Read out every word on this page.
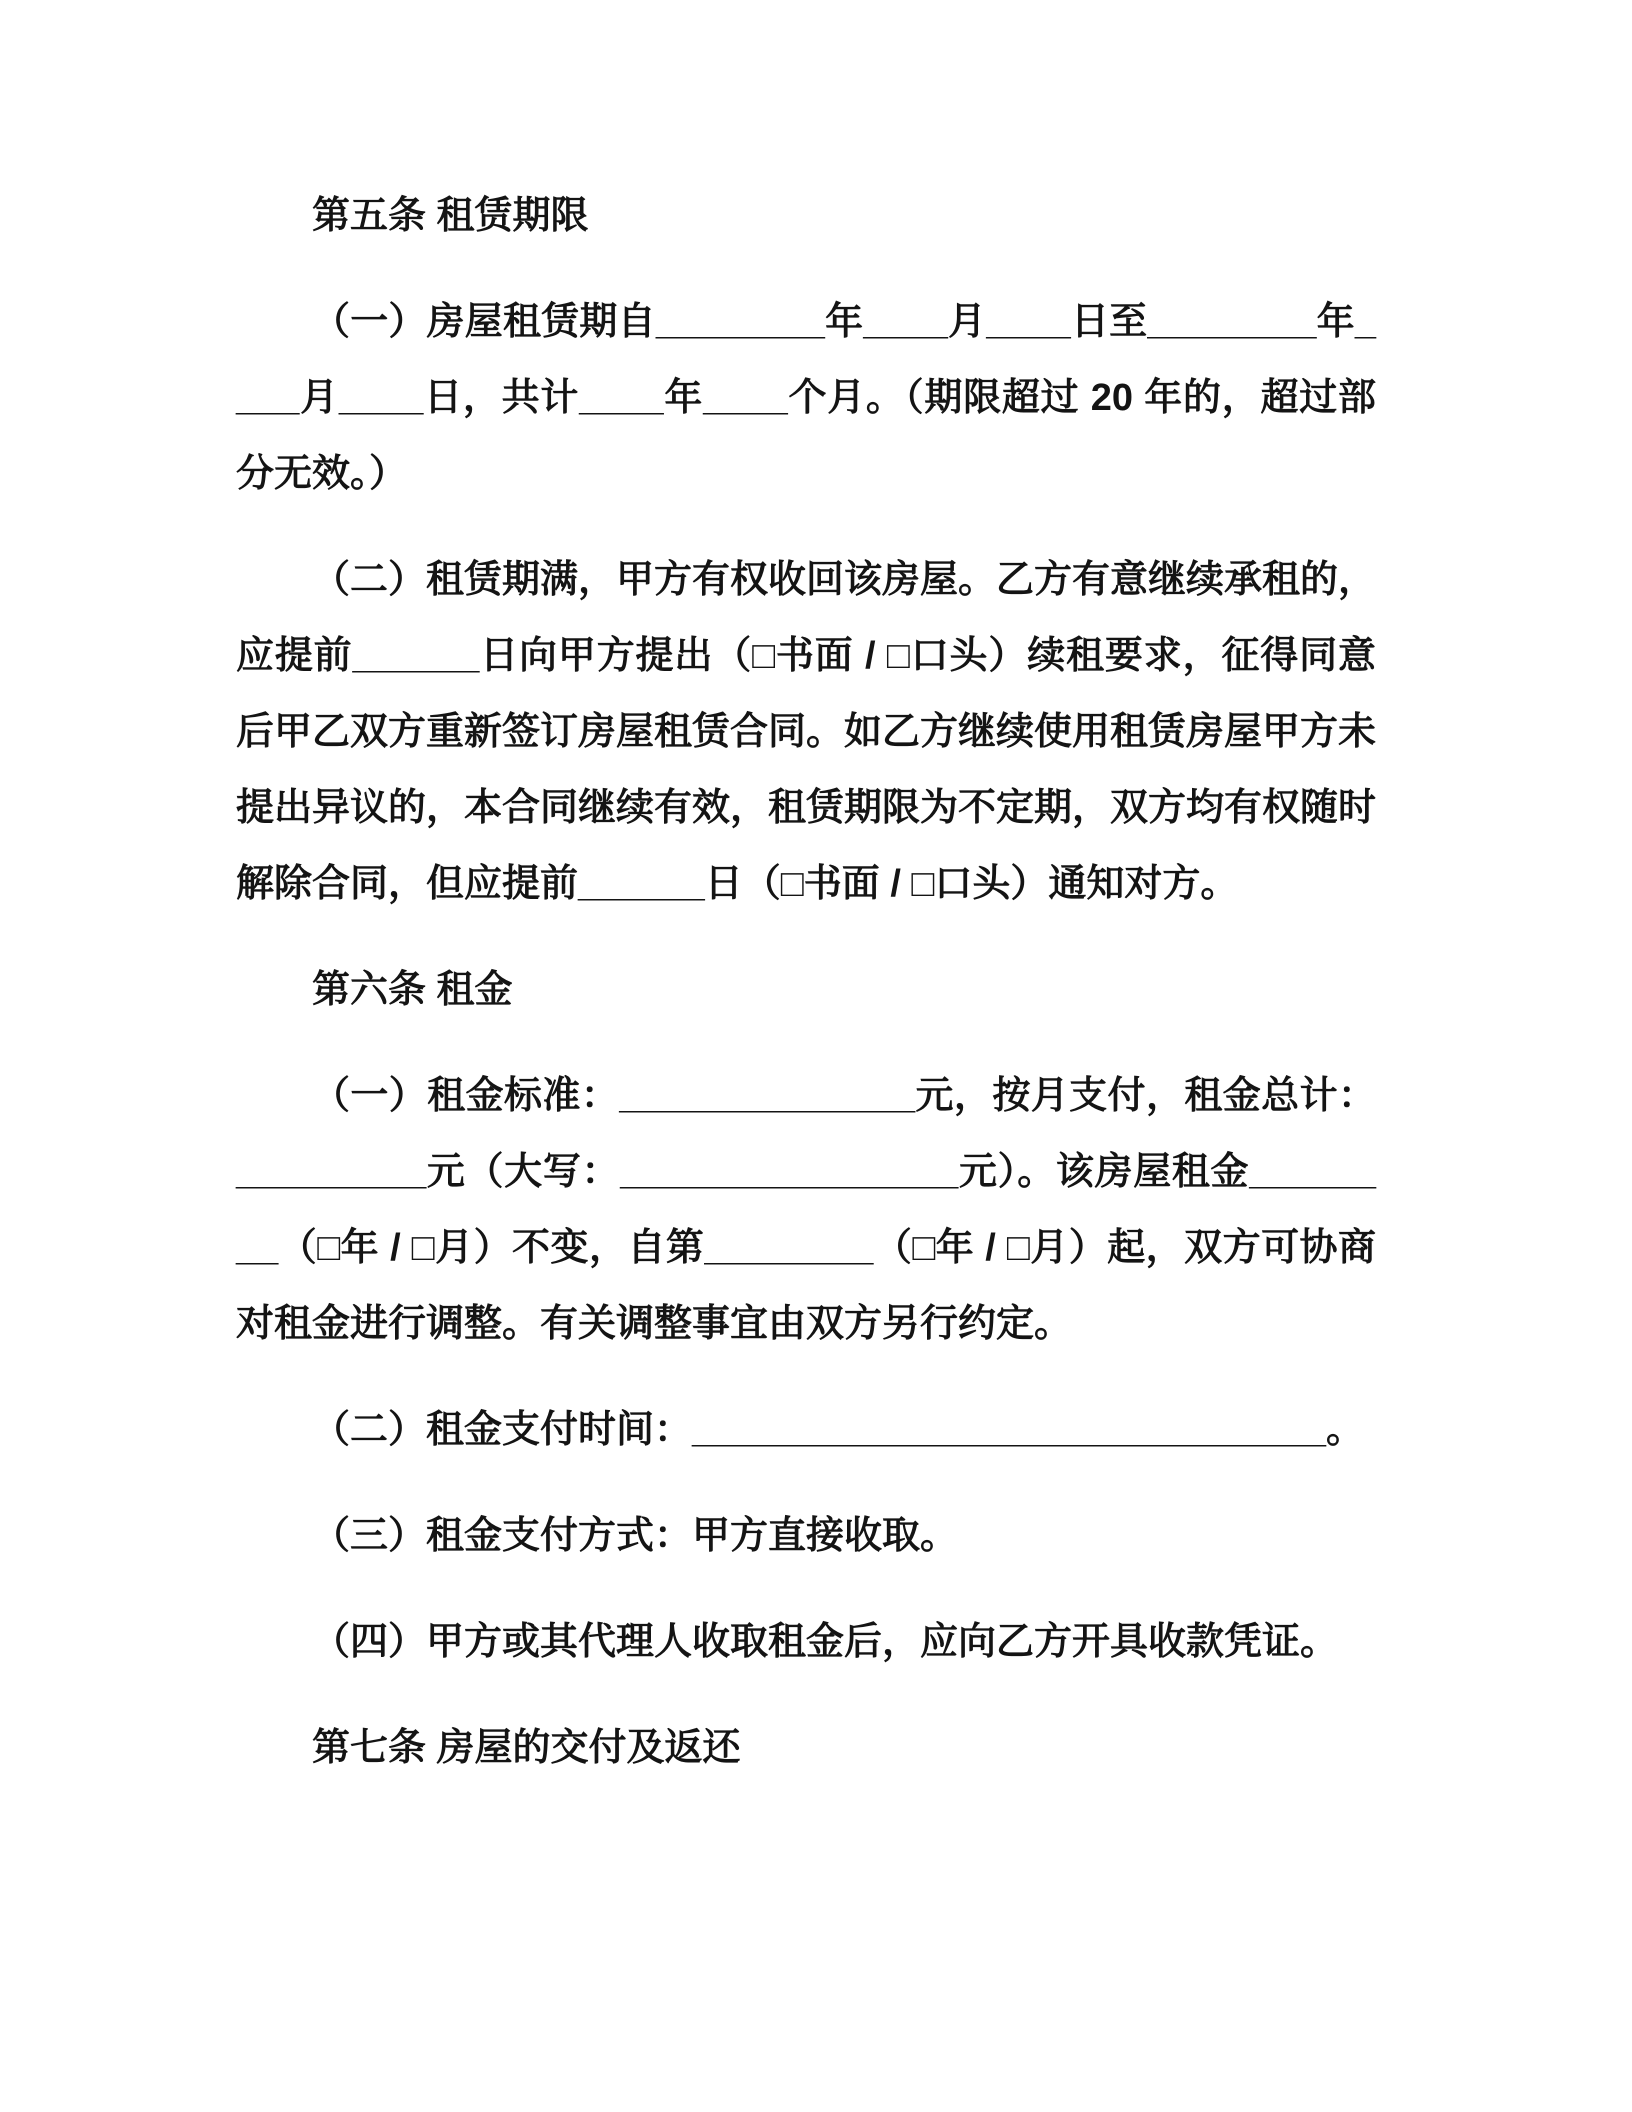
第五条 租赁期限

（一）房屋租赁期自________年____月____日至________年____月____日，共计____年____个月。（期限超过 20 年的，超过部分无效。）

（二）租赁期满，甲方有权收回该房屋。乙方有意继续承租的，应提前______日向甲方提出（□书面 / □口头）续租要求，征得同意后甲乙双方重新签订房屋租赁合同。如乙方继续使用租赁房屋甲方未提出异议的，本合同继续有效，租赁期限为不定期，双方均有权随时解除合同，但应提前______日（□书面 / □口头）通知对方。

第六条 租金

（一）租金标准：______________元，按月支付，租金总计：_________元（大写：________________元）。该房屋租金________（□年 / □月）不变，自第________（□年 / □月）起，双方可协商对租金进行调整。有关调整事宜由双方另行约定。

（二）租金支付时间：______________________________。

（三）租金支付方式：甲方直接收取。

（四）甲方或其代理人收取租金后，应向乙方开具收款凭证。

第七条 房屋的交付及返还
